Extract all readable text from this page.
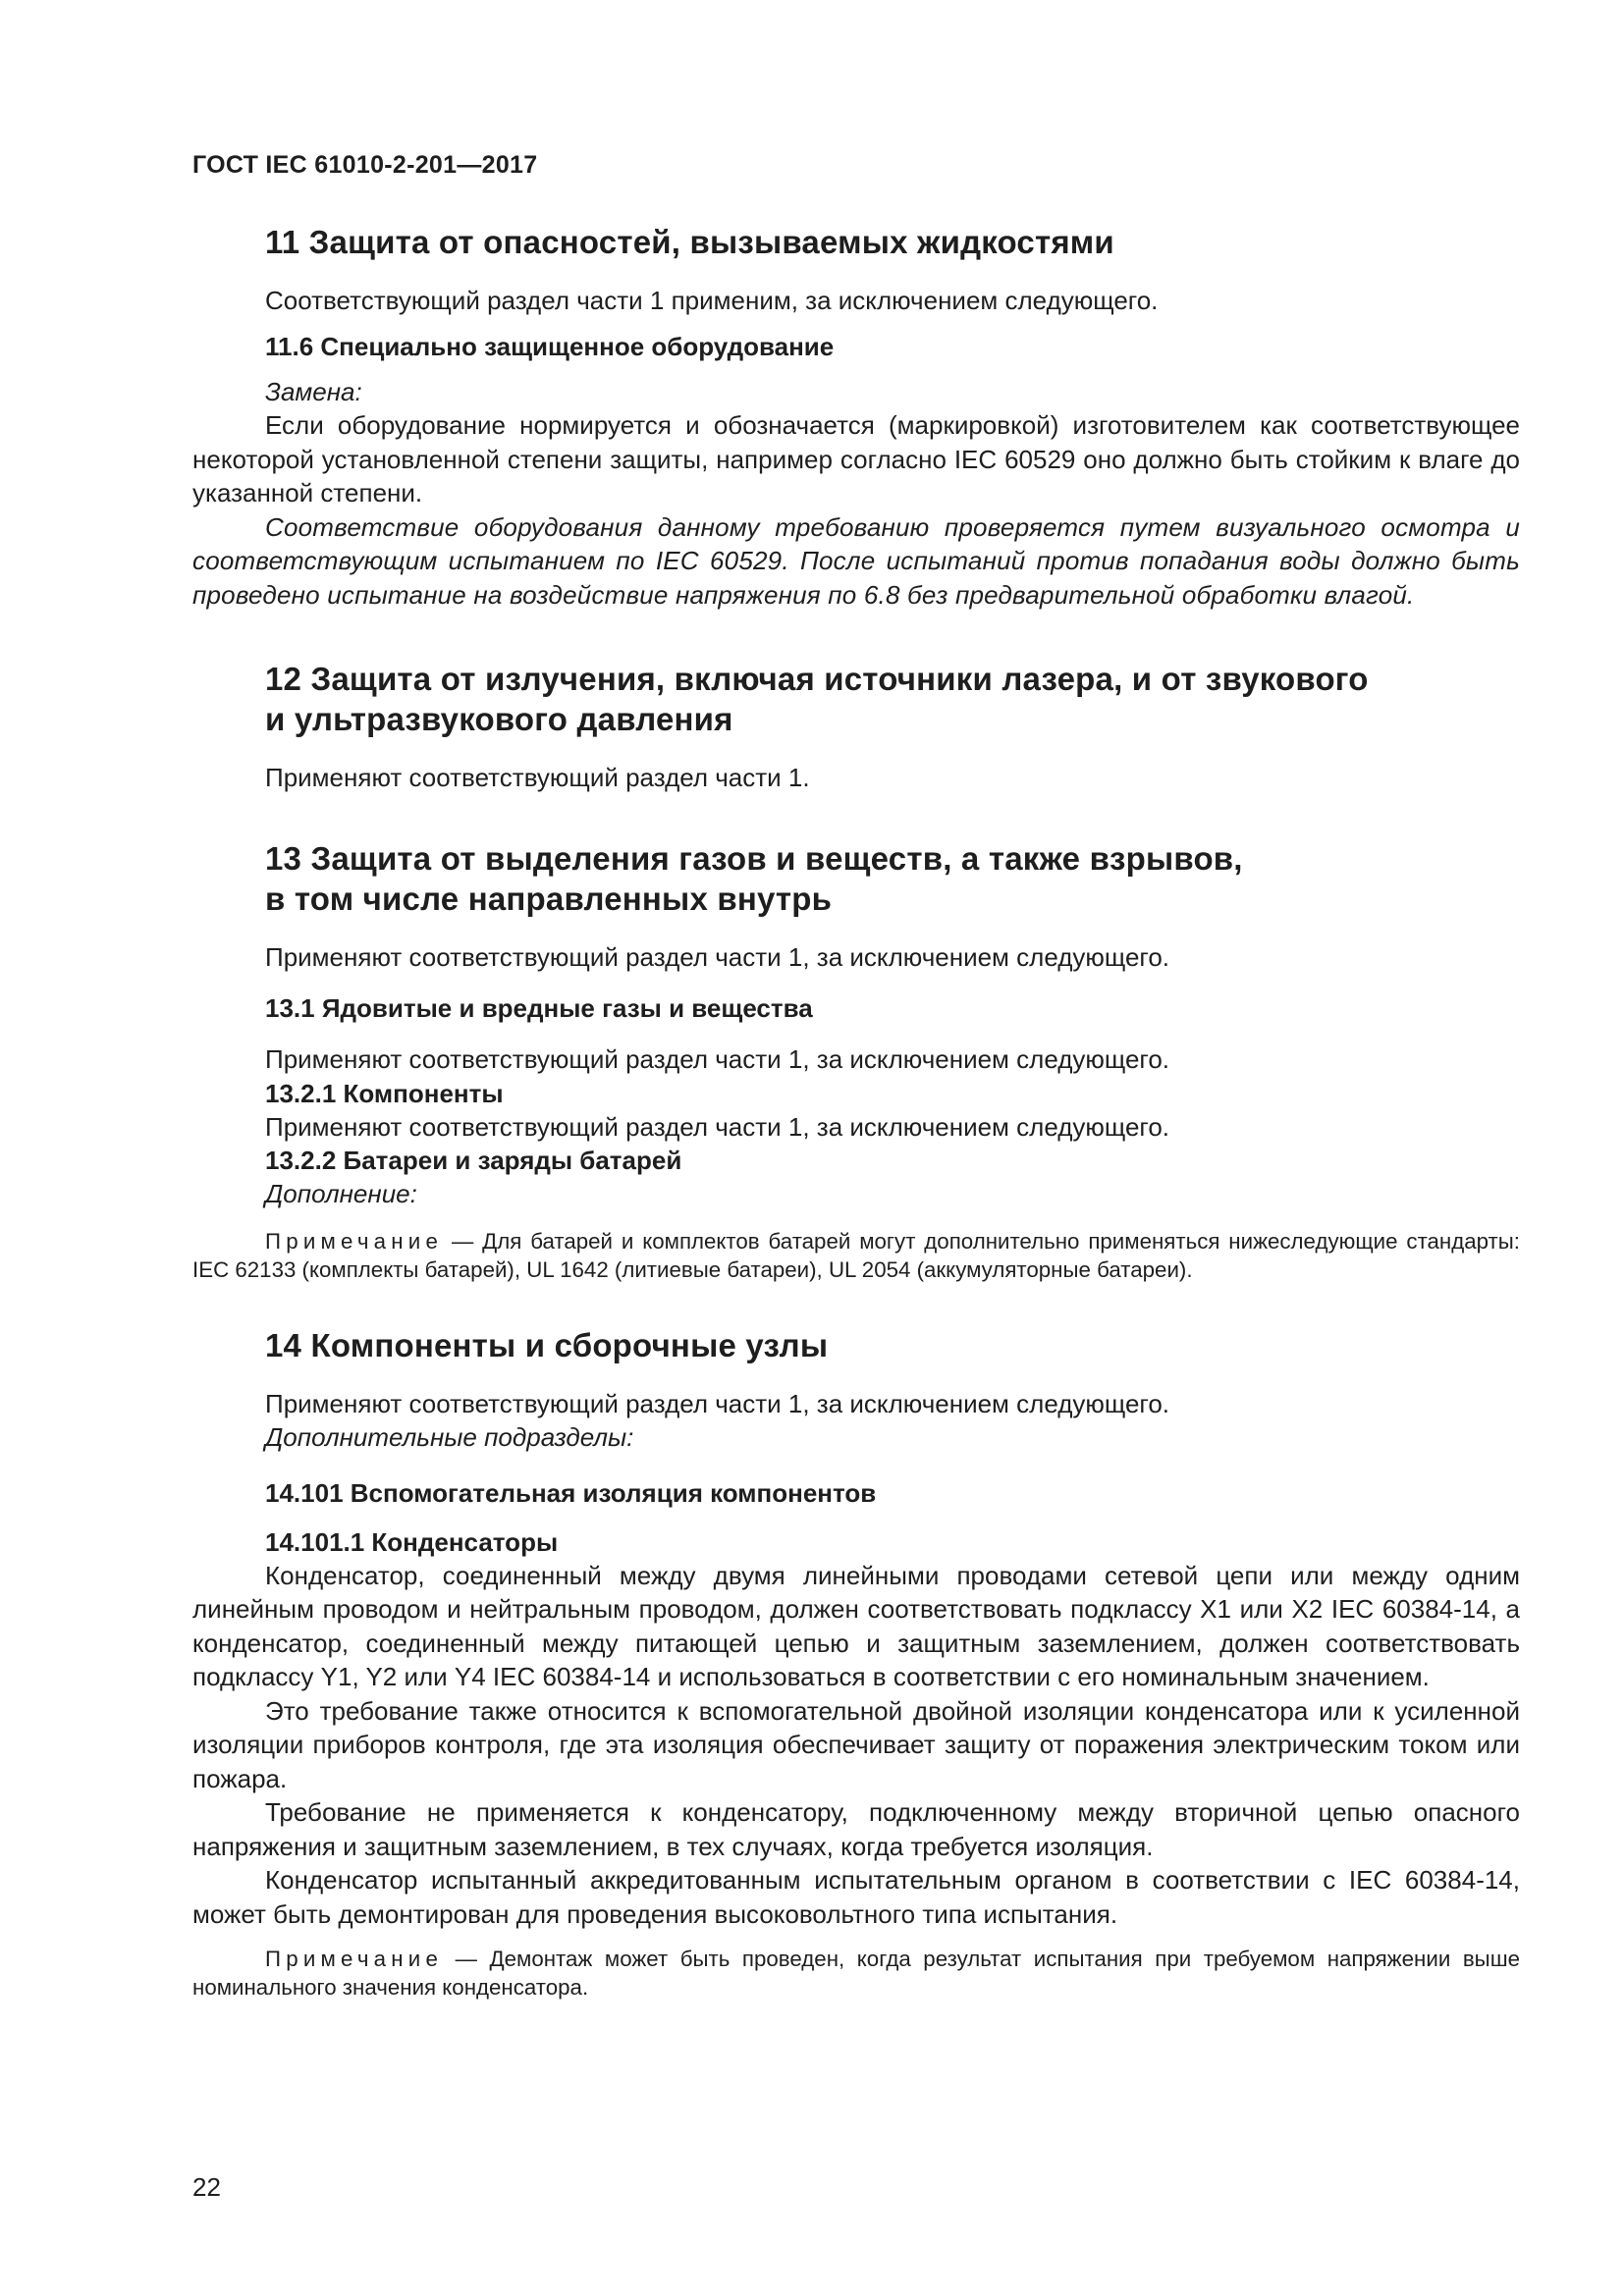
ГОСТ IEC 61010-2-201—2017
11 Защита от опасностей, вызываемых жидкостями

Соответствующий раздел части 1 применим, за исключением следующего.

11.6 Специально защищенное оборудование

Замена:

Если оборудование нормируется и обозначается (маркировкой) изготовителем как соответствующее некоторой установленной степени защиты, например согласно IEC 60529 оно должно быть стойким к влаге до указанной степени.

Соответствие оборудования данному требованию проверяется путем визуального осмотра и соответствующим испытанием по IEC 60529. После испытаний против попадания воды должно быть проведено испытание на воздействие напряжения по 6.8 без предварительной обработки влагой.

12 Защита от излучения, включая источники лазера, и от звукового
и ультразвукового давления

Применяют соответствующий раздел части 1.

13 Защита от выделения газов и веществ, а также взрывов,
в том числе направленных внутрь

Применяют соответствующий раздел части 1, за исключением следующего.

13.1 Ядовитые и вредные газы и вещества

Применяют соответствующий раздел части 1, за исключением следующего.

13.2.1 Компоненты

Применяют соответствующий раздел части 1, за исключением следующего.

13.2.2 Батареи и заряды батарей

Дополнение:

Примечание — Для батарей и комплектов батарей могут дополнительно применяться нижеследующие стандарты: IEC 62133 (комплекты батарей), UL 1642 (литиевые батареи), UL 2054 (аккумуляторные батареи).

14 Компоненты и сборочные узлы

Применяют соответствующий раздел части 1, за исключением следующего.

Дополнительные подразделы:

14.101 Вспомогательная изоляция компонентов
14.101.1 Конденсаторы

Конденсатор, соединенный между двумя линейными проводами сетевой цепи или между одним линейным проводом и нейтральным проводом, должен соответствовать подклассу Х1 или Х2 IEC 60384-14, а конденсатор, соединенный между питающей цепью и защитным заземлением, должен соответствовать подклассу Y1, Y2 или Y4 IEC 60384-14 и использоваться в соответствии с его номинальным значением.

Это требование также относится к вспомогательной двойной изоляции конденсатора или к усиленной изоляции приборов контроля, где эта изоляция обеспечивает защиту от поражения электрическим током или пожара.

Требование не применяется к конденсатору, подключенному между вторичной цепью опасного напряжения и защитным заземлением, в тех случаях, когда требуется изоляция.

Конденсатор испытанный аккредитованным испытательным органом в соответствии с IEC 60384-14, может быть демонтирован для проведения высоковольтного типа испытания.

Примечание — Демонтаж может быть проведен, когда результат испытания при требуемом напряжении выше номинального значения конденсатора.

22
